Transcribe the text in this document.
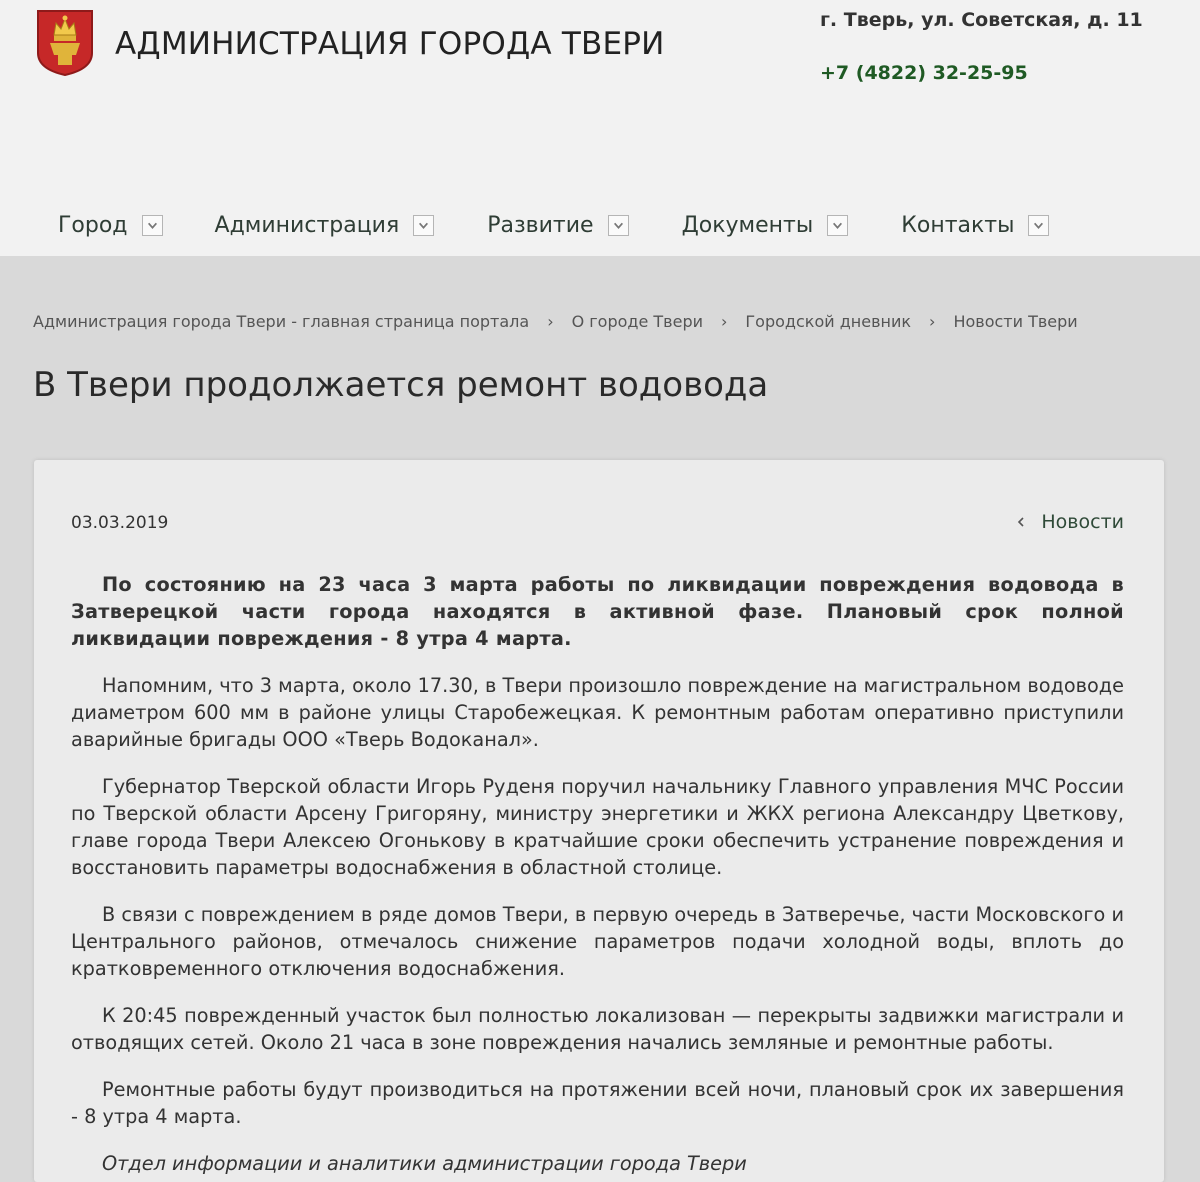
АДМИНИСТРАЦИЯ ГОРОДА ТВЕРИ
г. Тверь, ул. Советская, д. 11
+7 (4822) 32-25-95
Город	Администрация	Развитие	Документы	Контакты
Администрация города Твери - главная страница портала › О городе Твери › Городской дневник › Новости Твери
В Твери продолжается ремонт водовода
03.03.2019	Новости

По состоянию на 23 часа 3 марта работы по ликвидации повреждения водовода в Затверецкой части города находятся в активной фазе. Плановый срок полной ликвидации повреждения - 8 утра 4 марта.

Напомним, что 3 марта, около 17.30, в Твери произошло повреждение на магистральном водоводе диаметром 600 мм в районе улицы Старобежецкая. К ремонтным работам оперативно приступили аварийные бригады ООО «Тверь Водоканал».

Губернатор Тверской области Игорь Руденя поручил начальнику Главного управления МЧС России по Тверской области Арсену Григоряну, министру энергетики и ЖКХ региона Александру Цветкову, главе города Твери Алексею Огонькову в кратчайшие сроки обеспечить устранение повреждения и восстановить параметры водоснабжения в областной столице.

В связи с повреждением в ряде домов Твери, в первую очередь в Затверечье, части Московского и Центрального районов, отмечалось снижение параметров подачи холодной воды, вплоть до кратковременного отключения водоснабжения.

К 20:45 поврежденный участок был полностью локализован — перекрыты задвижки магистрали и отводящих сетей. Около 21 часа в зоне повреждения начались земляные и ремонтные работы.

Ремонтные работы будут производиться на протяжении всей ночи, плановый срок их завершения - 8 утра 4 марта.

Отдел информации и аналитики администрации города Твери
